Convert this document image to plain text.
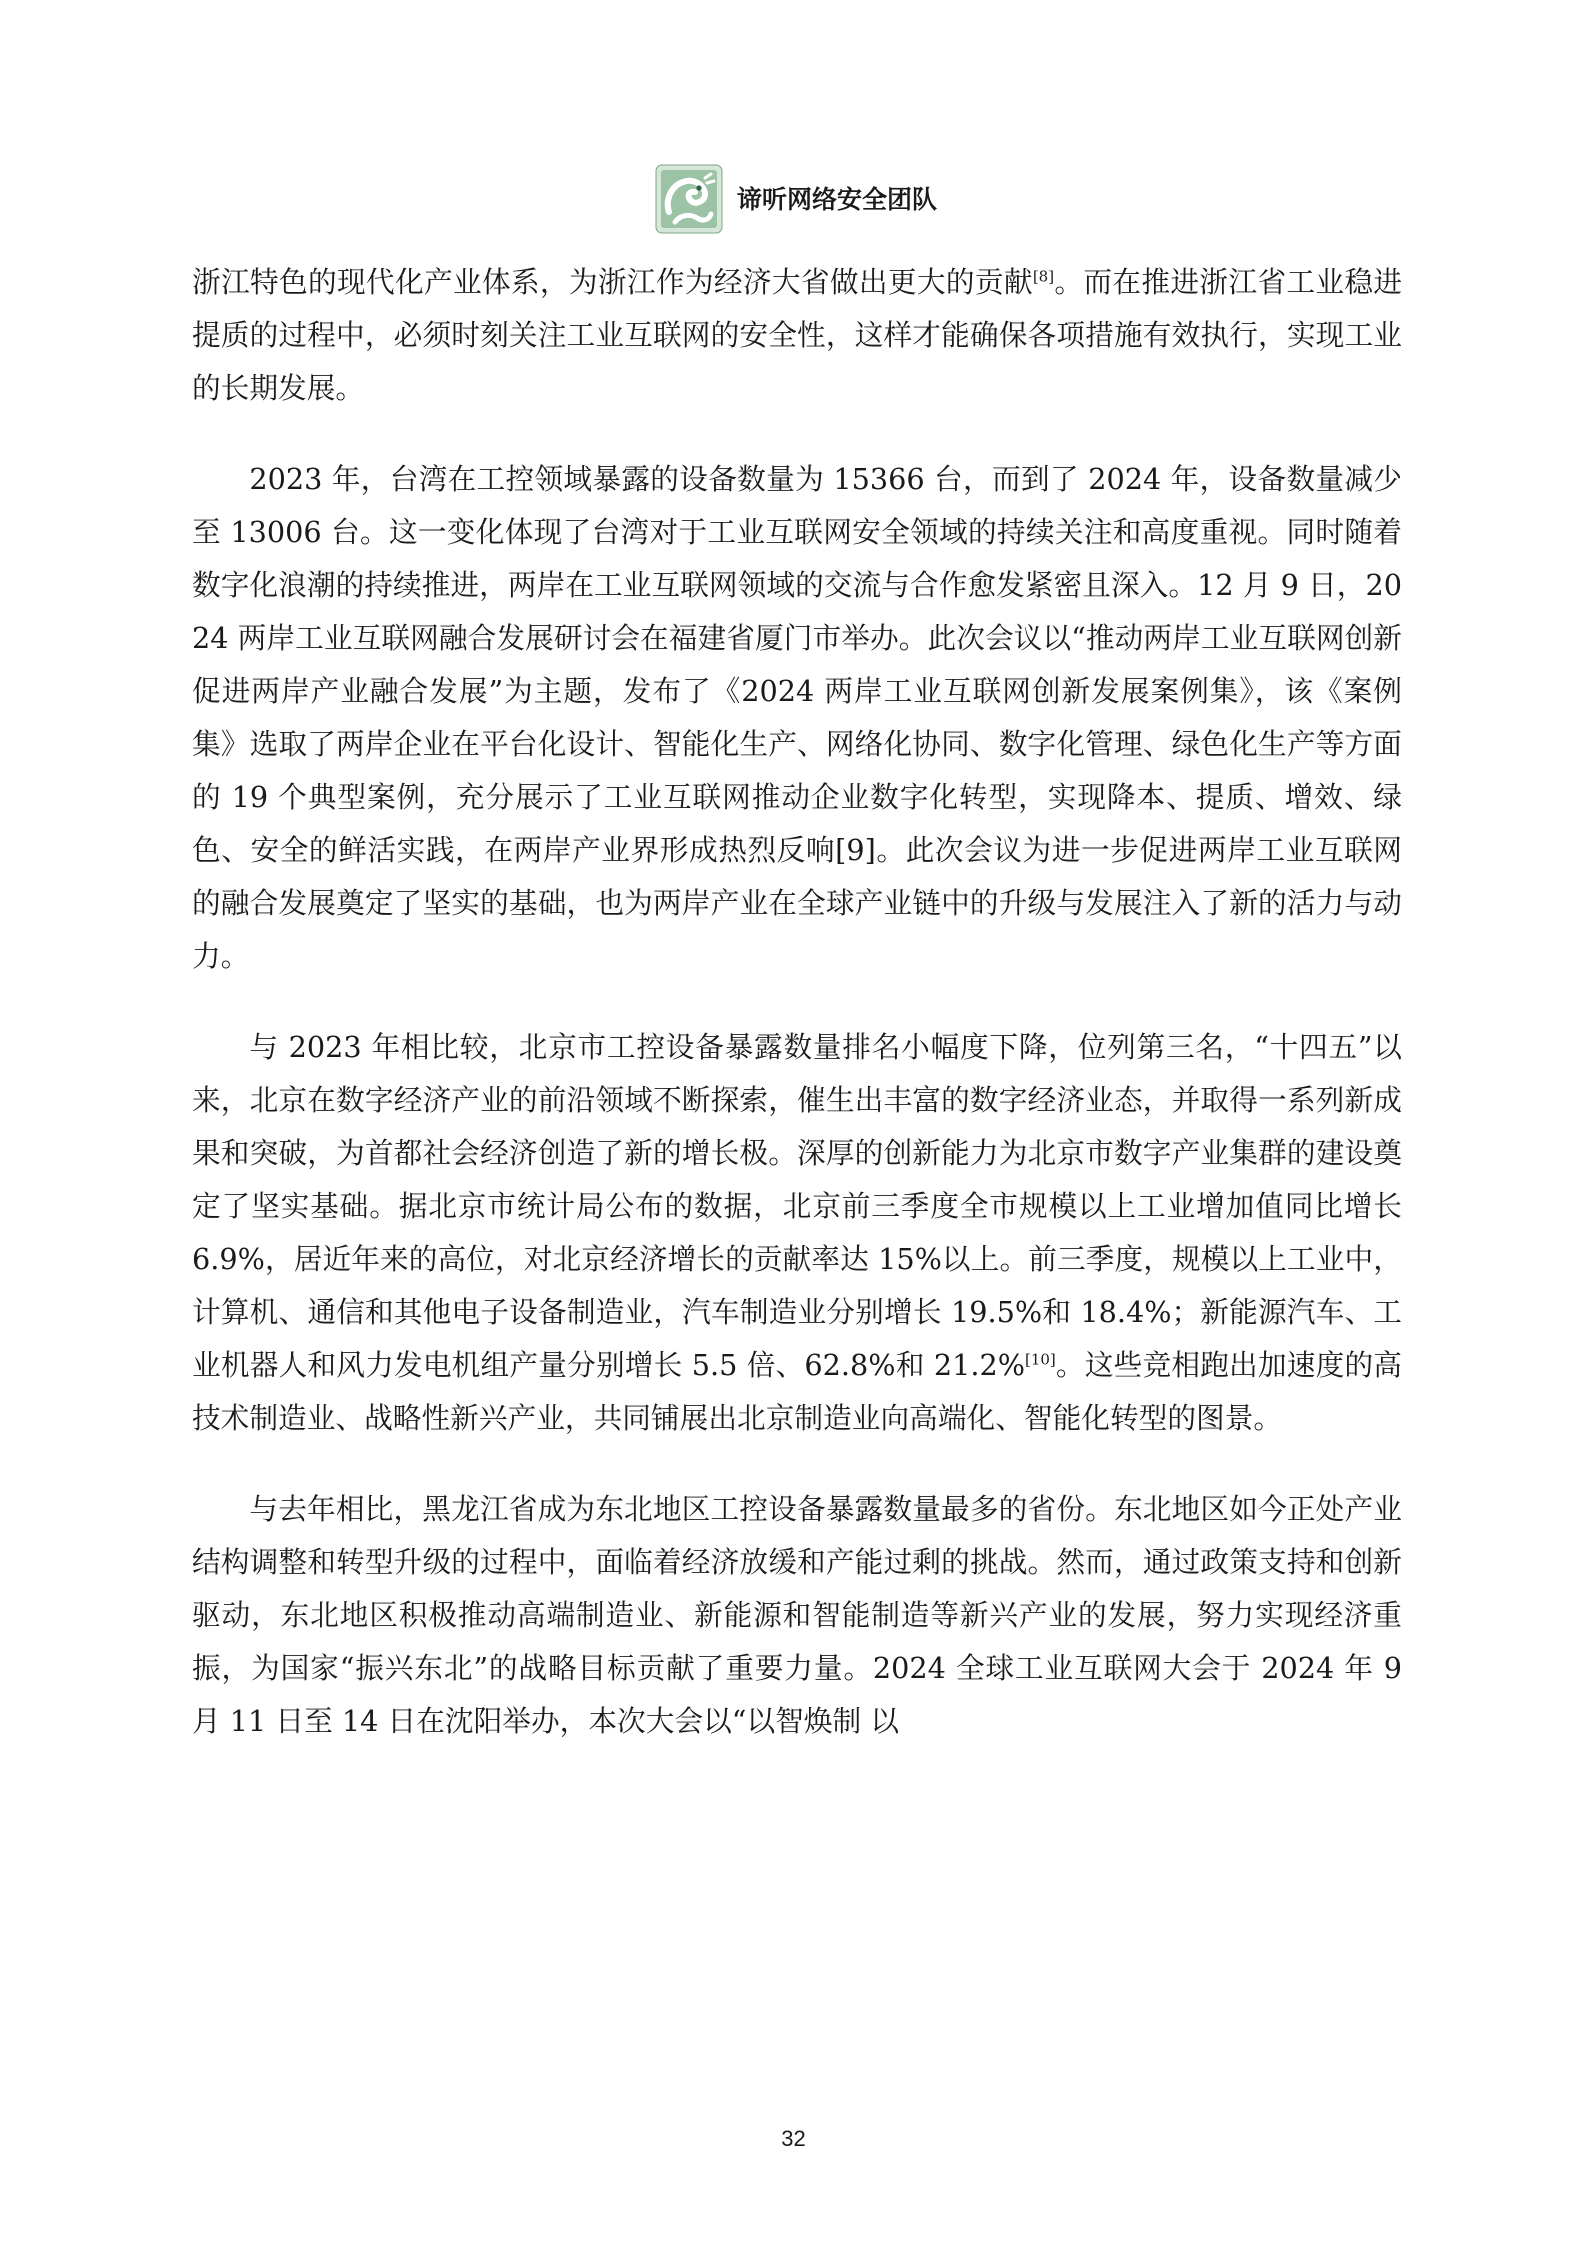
谛听网络安全团队

浙江特色的现代化产业体系，为浙江作为经济大省做出更大的贡献[8]。而在推进浙江省工业稳进提质的过程中，必须时刻关注工业互联网的安全性，这样才能确保各项措施有效执行，实现工业的长期发展。

2023 年，台湾在工控领域暴露的设备数量为 15366 台，而到了 2024 年，设备数量减少至 13006 台。这一变化体现了台湾对于工业互联网安全领域的持续关注和高度重视。同时随着数字化浪潮的持续推进，两岸在工业互联网领域的交流与合作愈发紧密且深入。12 月 9 日，2024 两岸工业互联网融合发展研讨会在福建省厦门市举办。此次会议以“推动两岸工业互联网创新 促进两岸产业融合发展”为主题，发布了《2024 两岸工业互联网创新发展案例集》，该《案例集》选取了两岸企业在平台化设计、智能化生产、网络化协同、数字化管理、绿色化生产等方面的 19 个典型案例，充分展示了工业互联网推动企业数字化转型，实现降本、提质、增效、绿色、安全的鲜活实践，在两岸产业界形成热烈反响[9]。此次会议为进一步促进两岸工业互联网的融合发展奠定了坚实的基础，也为两岸产业在全球产业链中的升级与发展注入了新的活力与动力。

与 2023 年相比较，北京市工控设备暴露数量排名小幅度下降，位列第三名，“十四五”以来，北京在数字经济产业的前沿领域不断探索，催生出丰富的数字经济业态，并取得一系列新成果和突破，为首都社会经济创造了新的增长极。深厚的创新能力为北京市数字产业集群的建设奠定了坚实基础。据北京市统计局公布的数据，北京前三季度全市规模以上工业增加值同比增长 6.9%，居近年来的高位，对北京经济增长的贡献率达 15%以上。前三季度，规模以上工业中，计算机、通信和其他电子设备制造业，汽车制造业分别增长 19.5%和 18.4%；新能源汽车、工业机器人和风力发电机组产量分别增长 5.5 倍、62.8%和 21.2%[10]。这些竞相跑出加速度的高技术制造业、战略性新兴产业，共同铺展出北京制造业向高端化、智能化转型的图景。

与去年相比，黑龙江省成为东北地区工控设备暴露数量最多的省份。东北地区如今正处产业结构调整和转型升级的过程中，面临着经济放缓和产能过剩的挑战。然而，通过政策支持和创新驱动，东北地区积极推动高端制造业、新能源和智能制造等新兴产业的发展，努力实现经济重振，为国家“振兴东北”的战略目标贡献了重要力量。2024 全球工业互联网大会于 2024 年 9 月 11 日至 14 日在沈阳举办，本次大会以“以智焕制 以

32
